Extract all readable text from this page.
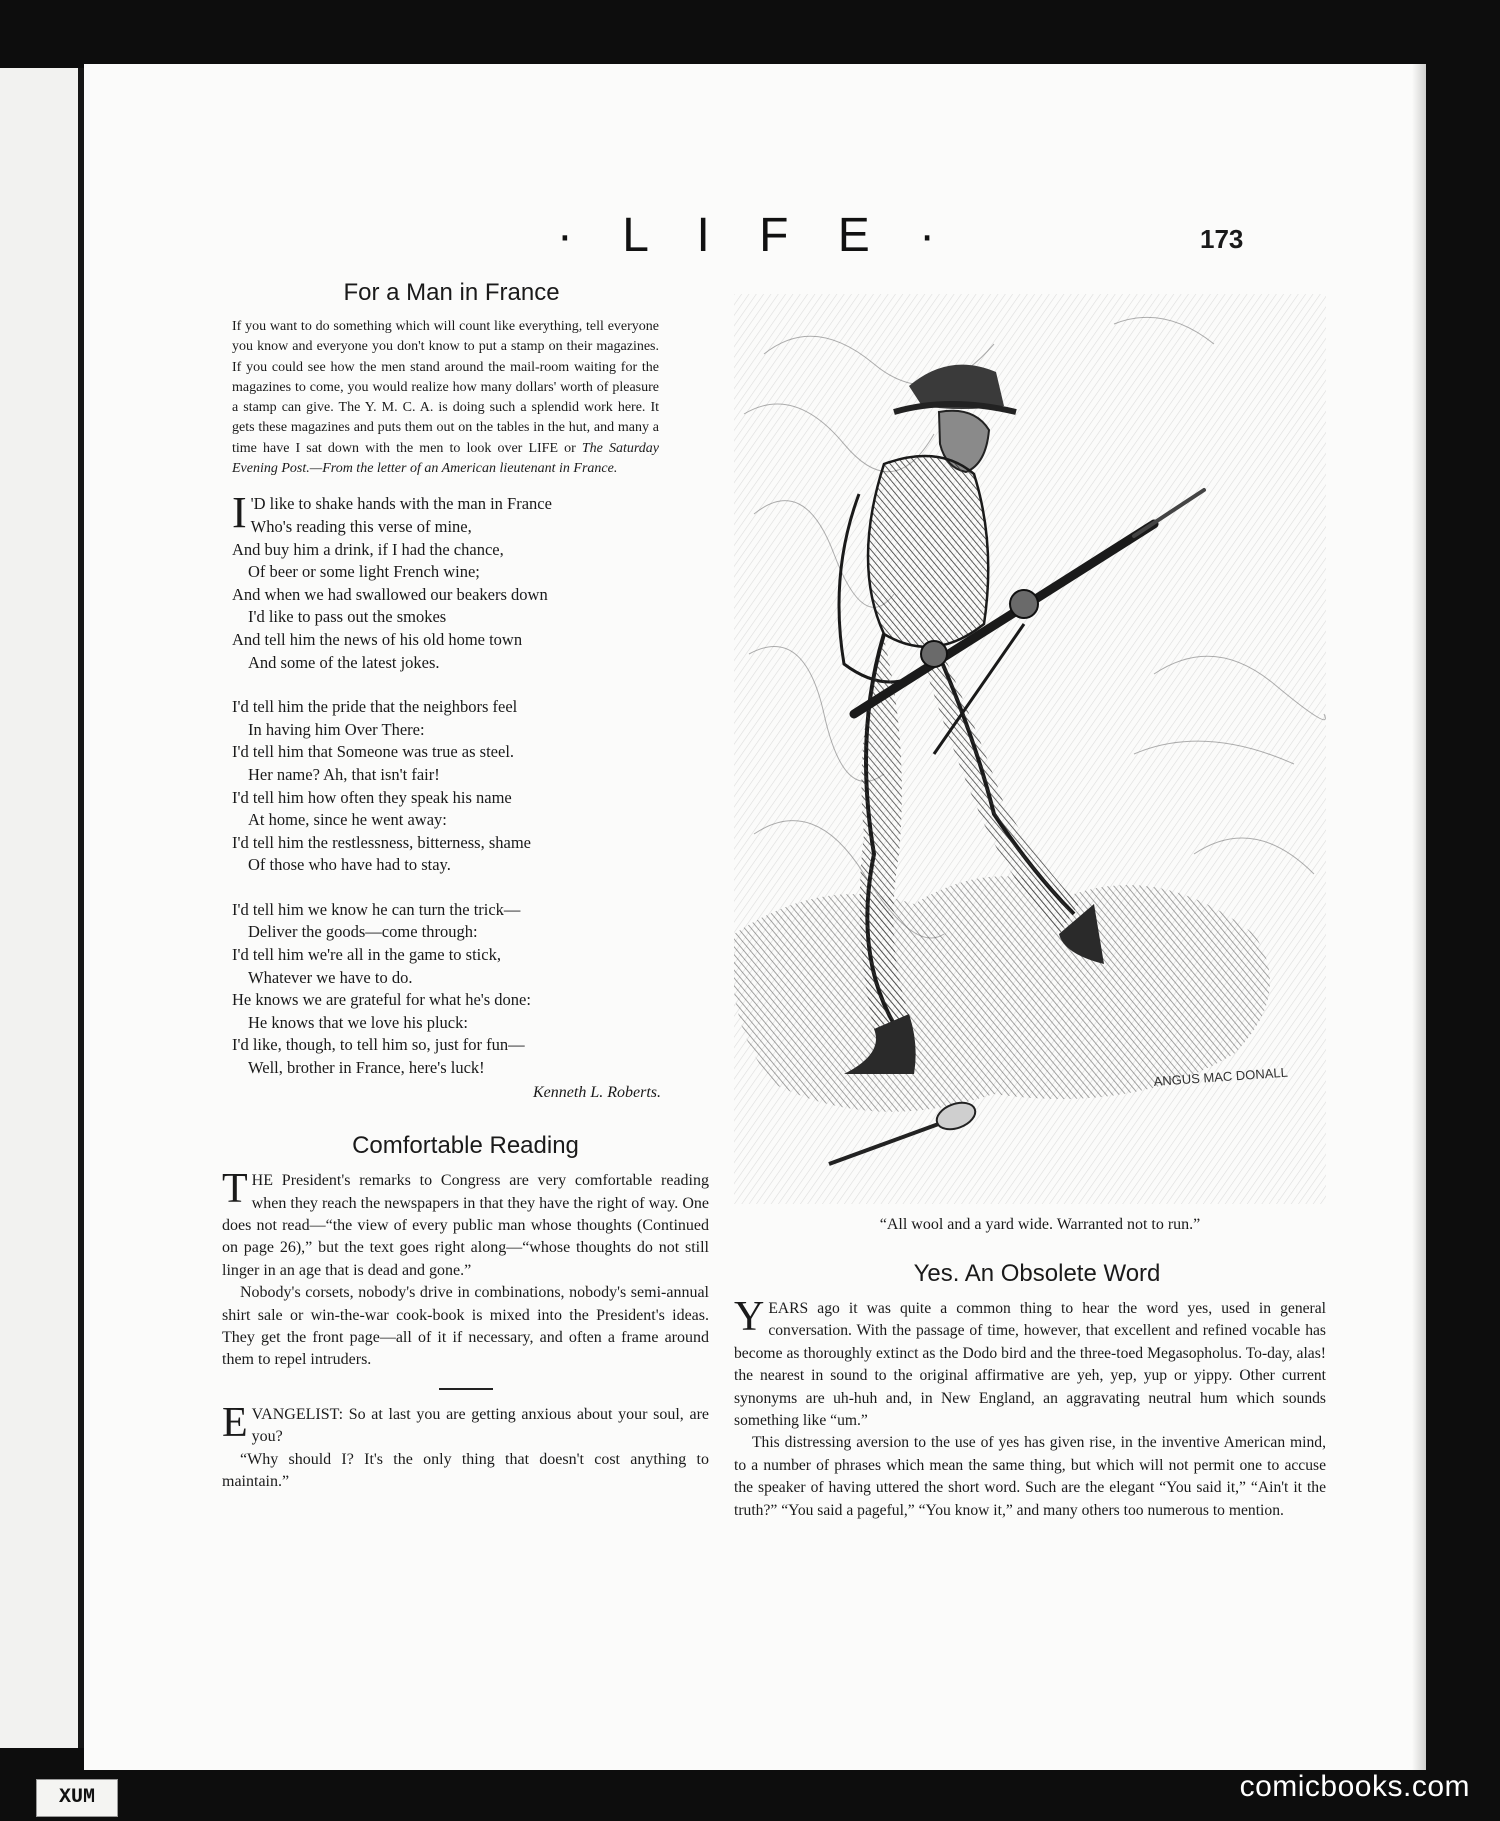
· L I F E ·	173
For a Man in France

If you want to do something which will count like everything, tell everyone you know and everyone you don't know to put a stamp on their magazines. If you could see how the men stand around the mail-room waiting for the magazines to come, you would realize how many dollars' worth of pleasure a stamp can give. The Y. M. C. A. is doing such a splendid work here. It gets these magazines and puts them out on the tables in the hut, and many a time have I sat down with the men to look over LIFE or The Saturday Evening Post.—From the letter of an American lieutenant in France.

I 'D like to shake hands with the man in France
Who's reading this verse of mine,
And buy him a drink, if I had the chance,
Of beer or some light French wine;
And when we had swallowed our beakers down
I'd like to pass out the smokes
And tell him the news of his old home town
And some of the latest jokes.
I'd tell him the pride that the neighbors feel
In having him Over There:
I'd tell him that Someone was true as steel.
Her name? Ah, that isn't fair!
I'd tell him how often they speak his name
At home, since he went away:
I'd tell him the restlessness, bitterness, shame
Of those who have had to stay.
I'd tell him we know he can turn the trick—
Deliver the goods—come through:
I'd tell him we're all in the game to stick,
Whatever we have to do.
He knows we are grateful for what he's done:
He knows that we love his pluck:
I'd like, though, to tell him so, just for fun—
Well, brother in France, here's luck!
Kenneth L. Roberts.
Comfortable Reading

THE President's remarks to Congress are very comfortable reading when they reach the newspapers in that they have the right of way. One does not read—“the view of every public man whose thoughts (Continued on page 26),” but the text goes right along—“whose thoughts do not still linger in an age that is dead and gone.”

Nobody's corsets, nobody's drive in combinations, nobody's semi-annual shirt sale or win-the-war cook-book is mixed into the President's ideas. They get the front page—all of it if necessary, and often a frame around them to repel intruders.

EVANGELIST: So at last you are getting anxious about your soul, are you?

“Why should I? It's the only thing that doesn't cost anything to maintain.”

ANGUS MAC DONALL
“All wool and a yard wide. Warranted not to run.”
Yes. An Obsolete Word

YEARS ago it was quite a common thing to hear the word yes, used in general conversation. With the passage of time, however, that excellent and refined vocable has become as thoroughly extinct as the Dodo bird and the three-toed Megasopholus. To-day, alas! the nearest in sound to the original affirmative are yeh, yep, yup or yippy. Other current synonyms are uh-huh and, in New England, an aggravating neutral hum which sounds something like “um.”

This distressing aversion to the use of yes has given rise, in the inventive American mind, to a number of phrases which mean the same thing, but which will not permit one to accuse the speaker of having uttered the short word. Such are the elegant “You said it,” “Ain't it the truth?” “You said a pageful,” “You know it,” and many others too numerous to mention.

XUM	comicbooks.com
